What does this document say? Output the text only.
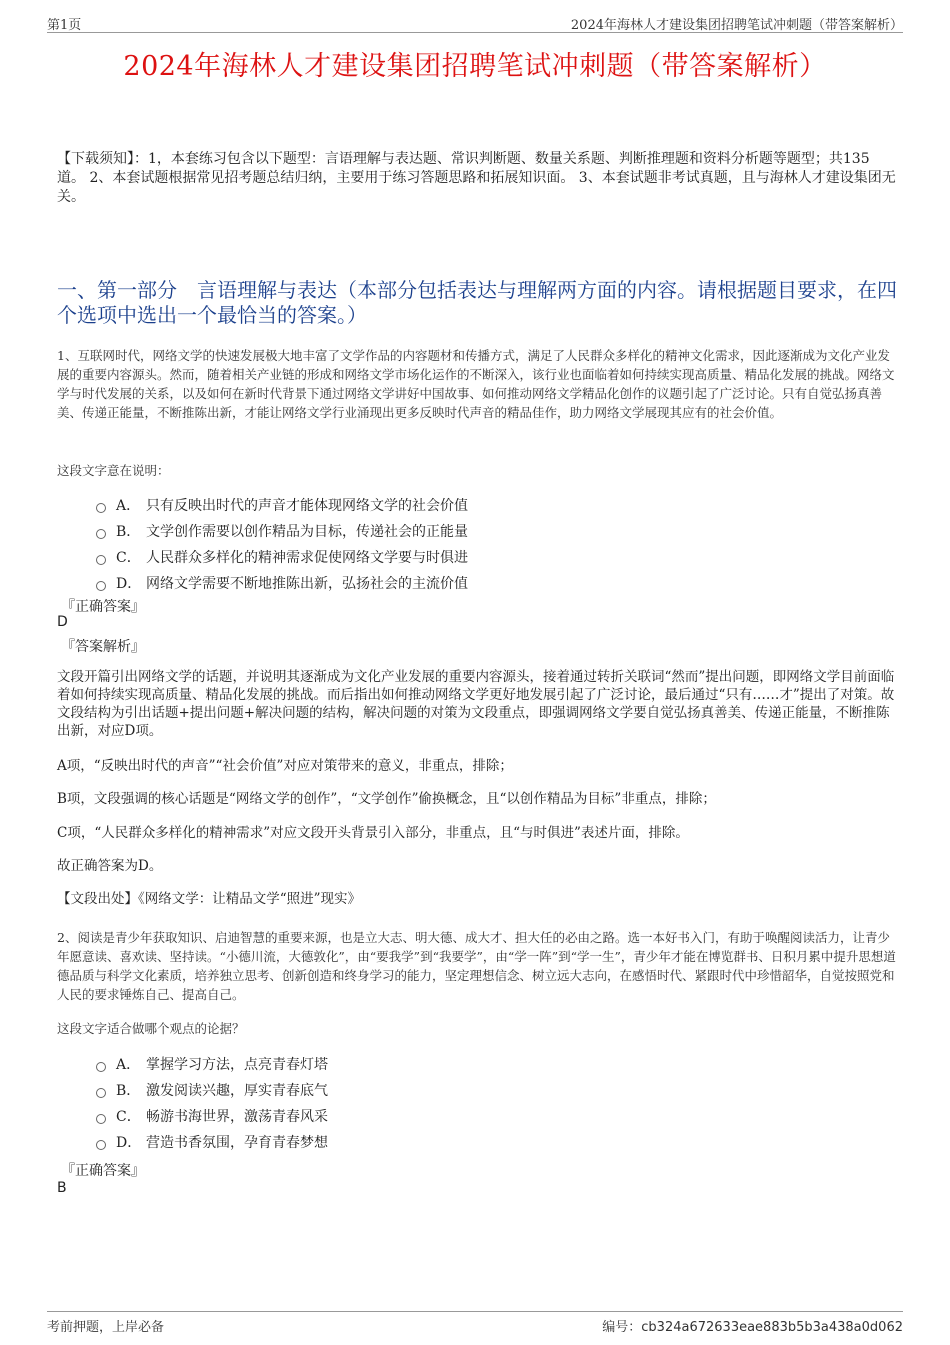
第1页	2024年海林人才建设集团招聘笔试冲刺题（带答案解析）
2024年海林人才建设集团招聘笔试冲刺题（带答案解析）
【下载须知】：1，本套练习包含以下题型：言语理解与表达题、常识判断题、数量关系题、判断推理题和资料分析题等题型；共135道。 2、本套试题根据常见招考题总结归纳，主要用于练习答题思路和拓展知识面。 3、本套试题非考试真题，且与海林人才建设集团无关。
一、第一部分　言语理解与表达（本部分包括表达与理解两方面的内容。请根据题目要求，在四个选项中选出一个最恰当的答案。）
1、互联网时代，网络文学的快速发展极大地丰富了文学作品的内容题材和传播方式，满足了人民群众多样化的精神文化需求，因此逐渐成为文化产业发展的重要内容源头。然而，随着相关产业链的形成和网络文学市场化运作的不断深入，该行业也面临着如何持续实现高质量、精品化发展的挑战。网络文学与时代发展的关系，以及如何在新时代背景下通过网络文学讲好中国故事、如何推动网络文学精品化创作的议题引起了广泛讨论。只有自觉弘扬真善美、传递正能量，不断推陈出新，才能让网络文学行业涌现出更多反映时代声音的精品佳作，助力网络文学展现其应有的社会价值。
这段文字意在说明：
A． 只有反映出时代的声音才能体现网络文学的社会价值
B． 文学创作需要以创作精品为目标，传递社会的正能量
C． 人民群众多样化的精神需求促使网络文学要与时俱进
D． 网络文学需要不断地推陈出新，弘扬社会的主流价值
『正确答案』
D
『答案解析』
文段开篇引出网络文学的话题，并说明其逐渐成为文化产业发展的重要内容源头，接着通过转折关联词“然而”提出问题，即网络文学目前面临着如何持续实现高质量、精品化发展的挑战。而后指出如何推动网络文学更好地发展引起了广泛讨论，最后通过“只有……才”提出了对策。故文段结构为引出话题+提出问题+解决问题的结构，解决问题的对策为文段重点，即强调网络文学要自觉弘扬真善美、传递正能量，不断推陈出新，对应D项。
A项，“反映出时代的声音”“社会价值”对应对策带来的意义，非重点，排除；
B项，文段强调的核心话题是“网络文学的创作”，“文学创作”偷换概念，且“以创作精品为目标”非重点，排除；
C项，“人民群众多样化的精神需求”对应文段开头背景引入部分，非重点，且“与时俱进”表述片面，排除。
故正确答案为D。
【文段出处】《网络文学：让精品文学“照进”现实》
2、阅读是青少年获取知识、启迪智慧的重要来源，也是立大志、明大德、成大才、担大任的必由之路。选一本好书入门，有助于唤醒阅读活力，让青少年愿意读、喜欢读、坚持读。“小德川流，大德敦化”，由“要我学”到“我要学”，由“学一阵”到“学一生”，青少年才能在博览群书、日积月累中提升思想道德品质与科学文化素质，培养独立思考、创新创造和终身学习的能力，坚定理想信念、树立远大志向，在感悟时代、紧跟时代中珍惜韶华，自觉按照党和人民的要求锤炼自己、提高自己。
这段文字适合做哪个观点的论据？
A． 掌握学习方法，点亮青春灯塔
B． 激发阅读兴趣，厚实青春底气
C． 畅游书海世界，激荡青春风采
D． 营造书香氛围，孕育青春梦想
『正确答案』
B
考前押题，上岸必备	编号：cb324a672633eae883b5b3a438a0d062
